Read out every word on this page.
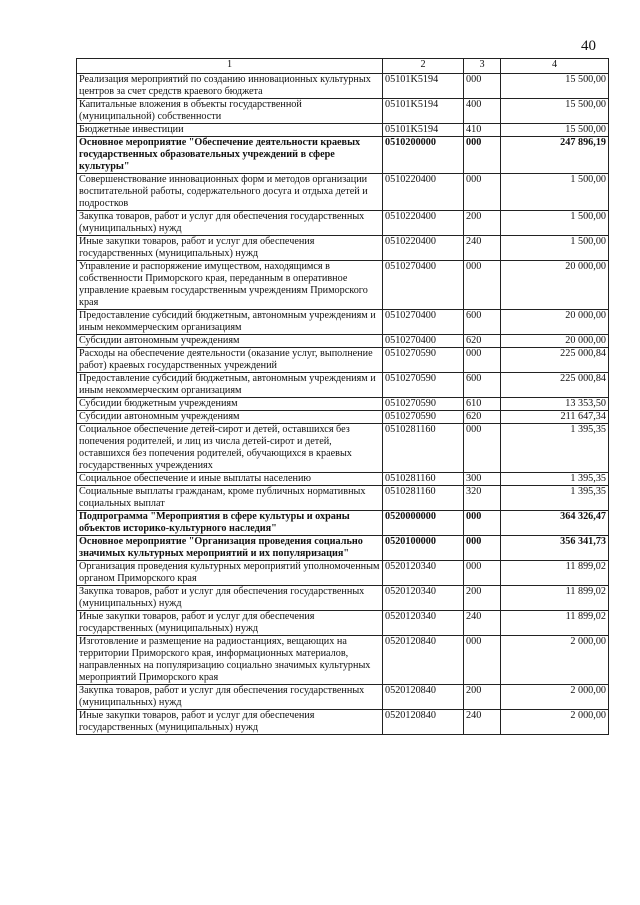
40
1	2	3	4
Реализация мероприятий по созданию инновационных культурных центров за счет средств краевого бюджета	05101K5194	000	15 500,00
Капитальные вложения в объекты государственной (муниципальной) собственности	05101K5194	400	15 500,00
Бюджетные инвестиции	05101K5194	410	15 500,00
Основное мероприятие "Обеспечение деятельности краевых государственных образовательных учреждений в сфере культуры"	0510200000	000	247 896,19
Совершенствование инновационных форм и методов организации воспитательной работы, содержательного досуга и отдыха детей и подростков	0510220400	000	1 500,00
Закупка товаров, работ и услуг для обеспечения государственных (муниципальных) нужд	0510220400	200	1 500,00
Иные закупки товаров, работ и услуг для обеспечения государственных (муниципальных) нужд	0510220400	240	1 500,00
Управление и распоряжение имуществом, находящимся в собственности Приморского края, переданным в оперативное управление краевым государственным учреждениям Приморского края	0510270400	000	20 000,00
Предоставление субсидий бюджетным, автономным учреждениям и иным некоммерческим организациям	0510270400	600	20 000,00
Субсидии автономным учреждениям	0510270400	620	20 000,00
Расходы на обеспечение деятельности (оказание услуг, выполнение работ) краевых государственных учреждений	0510270590	000	225 000,84
Предоставление субсидий бюджетным, автономным учреждениям и иным некоммерческим организациям	0510270590	600	225 000,84
Субсидии бюджетным учреждениям	0510270590	610	13 353,50
Субсидии автономным учреждениям	0510270590	620	211 647,34
Социальное обеспечение детей-сирот и детей, оставшихся без попечения родителей, и лиц из числа детей-сирот и детей, оставшихся без попечения родителей, обучающихся в краевых государственных учреждениях	0510281160	000	1 395,35
Социальное обеспечение и иные выплаты населению	0510281160	300	1 395,35
Социальные выплаты гражданам, кроме публичных нормативных социальных выплат	0510281160	320	1 395,35
Подпрограмма "Мероприятия в сфере культуры и охраны объектов историко-культурного наследия"	0520000000	000	364 326,47
Основное мероприятие "Организация проведения социально значимых культурных мероприятий и их популяризация"	0520100000	000	356 341,73
Организация проведения культурных мероприятий уполномоченным органом Приморского края	0520120340	000	11 899,02
Закупка товаров, работ и услуг для обеспечения государственных (муниципальных) нужд	0520120340	200	11 899,02
Иные закупки товаров, работ и услуг для обеспечения государственных (муниципальных) нужд	0520120340	240	11 899,02
Изготовление и размещение на радиостанциях, вещающих на территории Приморского края, информационных материалов, направленных на популяризацию социально значимых культурных мероприятий Приморского края	0520120840	000	2 000,00
Закупка товаров, работ и услуг для обеспечения государственных (муниципальных) нужд	0520120840	200	2 000,00
Иные закупки товаров, работ и услуг для обеспечения государственных (муниципальных) нужд	0520120840	240	2 000,00
